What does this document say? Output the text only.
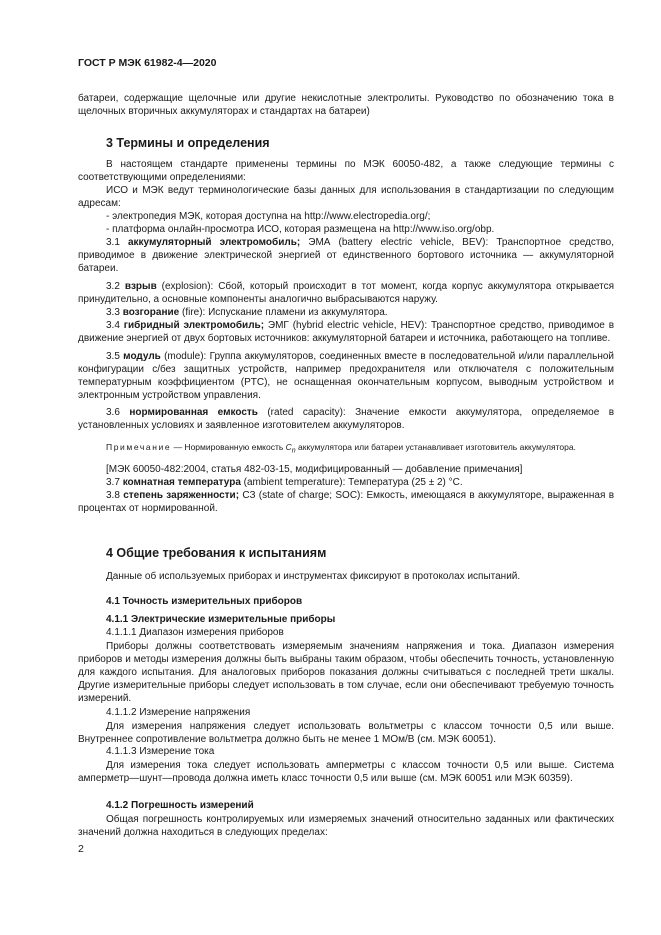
ГОСТ Р МЭК 61982-4—2020

батареи, содержащие щелочные или другие некислотные электролиты. Руководство по обозначению тока в щелочных вторичных аккумуляторах и стандартах на батареи)

3 Термины и определения

В настоящем стандарте применены термины по МЭК 60050-482, а также следующие термины с соответствующими определениями:

ИСО и МЭК ведут терминологические базы данных для использования в стандартизации по следующим адресам:

- электропедия МЭК, которая доступна на http://www.electropedia.org/;

- платформа онлайн-просмотра ИСО, которая размещена на http://www.iso.org/obp.

3.1 аккумуляторный электромобиль; ЭМА (battery electric vehicle, BEV): Транспортное средство, приводимое в движение электрической энергией от единственного бортового источника — аккумуляторной батареи.

3.2 взрыв (explosion): Сбой, который происходит в тот момент, когда корпус аккумулятора открывается принудительно, а основные компоненты аналогично выбрасываются наружу.

3.3 возгорание (fire): Испускание пламени из аккумулятора.

3.4 гибридный электромобиль; ЭМГ (hybrid electric vehicle, HEV): Транспортное средство, приводимое в движение энергией от двух бортовых источников: аккумуляторной батареи и источника, работающего на топливе.

3.5 модуль (module): Группа аккумуляторов, соединенных вместе в последовательной и/или параллельной конфигурации с/без защитных устройств, например предохранителя или отключателя с положительным температурным коэффициентом (PTC), не оснащенная окончательным корпусом, выводным устройством и электронным устройством управления.

3.6 нормированная емкость (rated capacity): Значение емкости аккумулятора, определяемое в установленных условиях и заявленное изготовителем аккумуляторов.

Примечание — Нормированную емкость $C_n$ аккумулятора или батареи устанавливает изготовитель аккумулятора.

[МЭК 60050-482:2004, статья 482-03-15, модифицированный — добавление примечания]

3.7 комнатная температура (ambient temperature): Температура (25 ± 2) °C.

3.8 степень заряженности; СЗ (state of charge; SOC): Емкость, имеющаяся в аккумуляторе, выраженная в процентах от нормированной.

4 Общие требования к испытаниям

Данные об используемых приборах и инструментах фиксируют в протоколах испытаний.

4.1 Точность измерительных приборов
4.1.1 Электрические измерительные приборы
4.1.1.1 Диапазон измерения приборов

Приборы должны соответствовать измеряемым значениям напряжения и тока. Диапазон измерения приборов и методы измерения должны быть выбраны таким образом, чтобы обеспечить точность, установленную для каждого испытания. Для аналоговых приборов показания должны считываться с последней трети шкалы. Другие измерительные приборы следует использовать в том случае, если они обеспечивают требуемую точность измерений.

4.1.1.2 Измерение напряжения

Для измерения напряжения следует использовать вольтметры с классом точности 0,5 или выше. Внутреннее сопротивление вольтметра должно быть не менее 1 МОм/В (см. МЭК 60051).

4.1.1.3 Измерение тока

Для измерения тока следует использовать амперметры с классом точности 0,5 или выше. Система амперметр—шунт—провода должна иметь класс точности 0,5 или выше (см. МЭК 60051 или МЭК 60359).

4.1.2 Погрешность измерений

Общая погрешность контролируемых или измеряемых значений относительно заданных или фактических значений должна находиться в следующих пределах:

2
